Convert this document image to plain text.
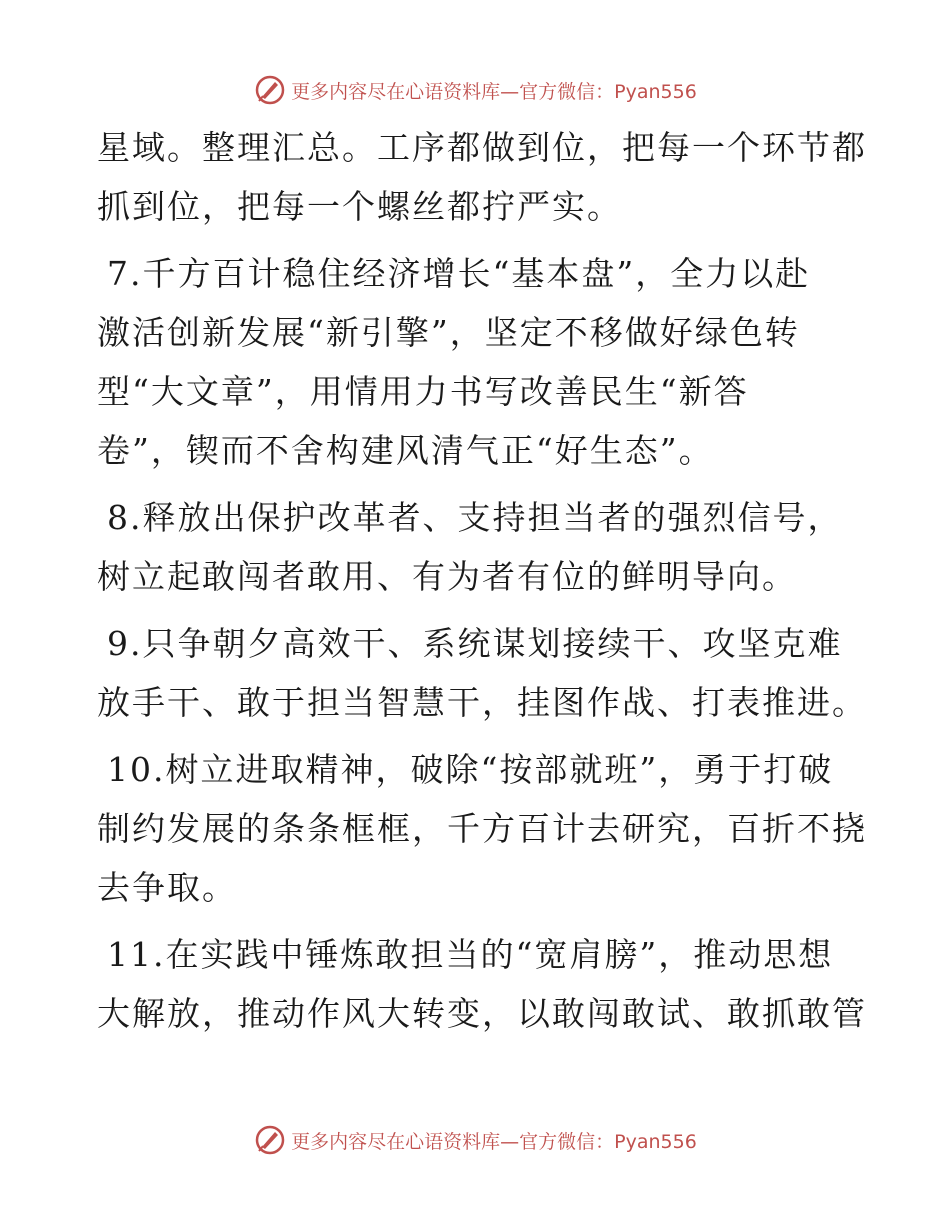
更多内容尽在心语资料库—官方微信：Pyan556
星域。整理汇总。工序都做到位，把每一个环节都
抓到位，把每一个螺丝都拧严实。
7.千方百计稳住经济增长“基本盘”，全力以赴
激活创新发展“新引擎”，坚定不移做好绿色转
型“大文章”，用情用力书写改善民生“新答
卷”，锲而不舍构建风清气正“好生态”。
8.释放出保护改革者、支持担当者的强烈信号，
树立起敢闯者敢用、有为者有位的鲜明导向。
9.只争朝夕高效干、系统谋划接续干、攻坚克难
放手干、敢于担当智慧干，挂图作战、打表推进。
10.树立进取精神，破除“按部就班”，勇于打破
制约发展的条条框框，千方百计去研究，百折不挠
去争取。
11.在实践中锤炼敢担当的“宽肩膀”，推动思想
大解放，推动作风大转变，以敢闯敢试、敢抓敢管
更多内容尽在心语资料库—官方微信：Pyan556
